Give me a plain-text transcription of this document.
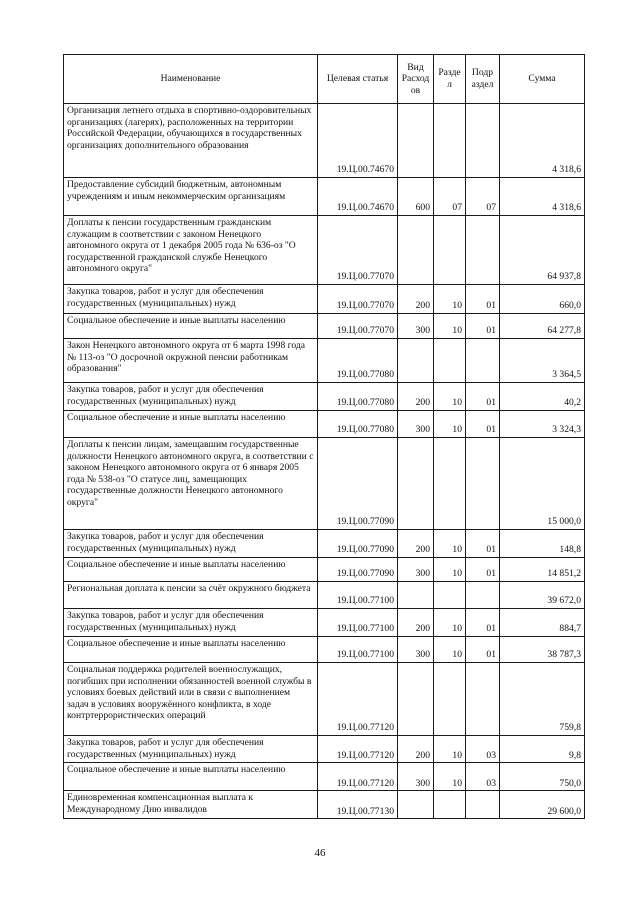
Наименование	Целевая статья	Вид Расход ов	Разде л	Подр аздел	Сумма
Организация летнего отдыха в спортивно-оздоровительных организациях (лагерях), расположенных на территории Российской Федерации, обучающихся в государственных организациях дополнительного образования	19.Ц.00.74670				4 318,6
Предоставление субсидий бюджетным, автономным учреждениям и иным некоммерческим организациям	19.Ц.00.74670	600	07	07	4 318,6
Доплаты к пенсии государственным гражданским служащим в соответствии с законом Ненецкого автономного округа от 1 декабря 2005 года № 636-оз "О государственной гражданской службе Ненецкого автономного округа"	19.Ц.00.77070				64 937,8
Закупка товаров, работ и услуг для обеспечения государственных (муниципальных) нужд	19.Ц.00.77070	200	10	01	660,0
Социальное обеспечение и иные выплаты населению	19.Ц.00.77070	300	10	01	64 277,8
Закон Ненецкого автономного округа от 6 марта 1998 года № 113-оз "О досрочной окружной пенсии работникам образования"	19.Ц.00.77080				3 364,5
Закупка товаров, работ и услуг для обеспечения государственных (муниципальных) нужд	19.Ц.00.77080	200	10	01	40,2
Социальное обеспечение и иные выплаты населению	19.Ц.00.77080	300	10	01	3 324,3
Доплаты к пенсии лицам, замещавшим государственные должности Ненецкого автономного округа, в соответствии с законом Ненецкого автономного округа от 6 января 2005 года № 538-оз "О статусе лиц, замещающих государственные должности Ненецкого автономного округа"	19.Ц.00.77090				15 000,0
Закупка товаров, работ и услуг для обеспечения государственных (муниципальных) нужд	19.Ц.00.77090	200	10	01	148,8
Социальное обеспечение и иные выплаты населению	19.Ц.00.77090	300	10	01	14 851,2
Региональная доплата к пенсии за счёт окружного бюджета	19.Ц.00.77100				39 672,0
Закупка товаров, работ и услуг для обеспечения государственных (муниципальных) нужд	19.Ц.00.77100	200	10	01	884,7
Социальное обеспечение и иные выплаты населению	19.Ц.00.77100	300	10	01	38 787,3
Социальная поддержка родителей военнослужащих, погибших при исполнении обязанностей военной службы в условиях боевых действий или в связи с выполнением задач в условиях вооружённого конфликта, в ходе контртеррористических операций	19.Ц.00.77120				759,8
Закупка товаров, работ и услуг для обеспечения государственных (муниципальных) нужд	19.Ц.00.77120	200	10	03	9,8
Социальное обеспечение и иные выплаты населению	19.Ц.00.77120	300	10	03	750,0
Единовременная компенсационная выплата к Международному Дню инвалидов	19.Ц.00.77130				29 600,0
46
